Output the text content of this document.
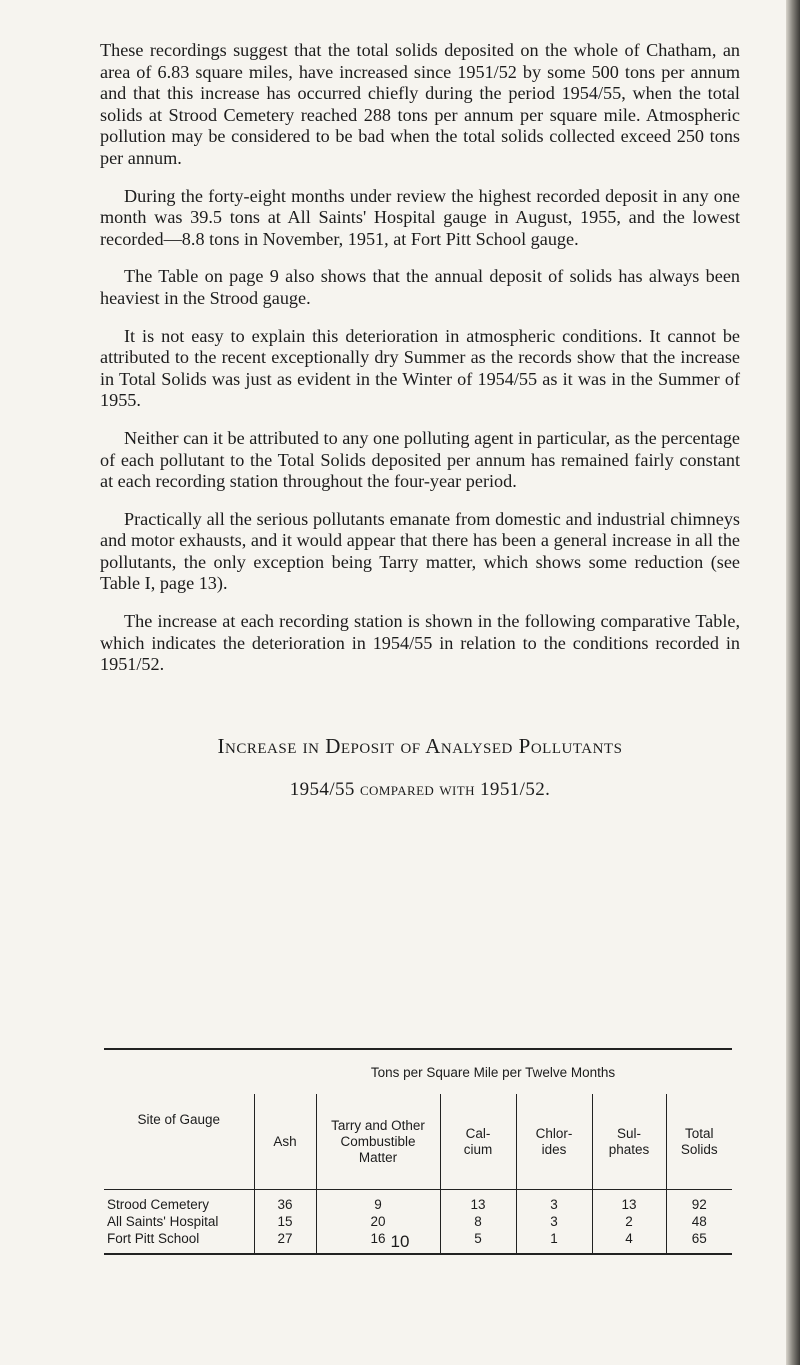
These recordings suggest that the total solids deposited on the whole of Chatham, an area of 6.83 square miles, have increased since 1951/52 by some 500 tons per annum and that this increase has occurred chiefly during the period 1954/55, when the total solids at Strood Cemetery reached 288 tons per annum per square mile. Atmospheric pollution may be considered to be bad when the total solids collected exceed 250 tons per annum.

During the forty-eight months under review the highest recorded deposit in any one month was 39.5 tons at All Saints' Hospital gauge in August, 1955, and the lowest recorded—8.8 tons in November, 1951, at Fort Pitt School gauge.

The Table on page 9 also shows that the annual deposit of solids has always been heaviest in the Strood gauge.

It is not easy to explain this deterioration in atmospheric conditions. It cannot be attributed to the recent exceptionally dry Summer as the records show that the increase in Total Solids was just as evident in the Winter of 1954/55 as it was in the Summer of 1955.

Neither can it be attributed to any one polluting agent in particular, as the percentage of each pollutant to the Total Solids deposited per annum has remained fairly constant at each recording station throughout the four-year period.

Practically all the serious pollutants emanate from domestic and industrial chimneys and motor exhausts, and it would appear that there has been a general increase in all the pollutants, the only exception being Tarry matter, which shows some reduction (see Table I, page 13).

The increase at each recording station is shown in the following comparative Table, which indicates the deterioration in 1954/55 in relation to the conditions recorded in 1951/52.

Increase in Deposit of Analysed Pollutants
1954/55 compared with 1951/52.
Site of Gauge	Tons per Square Mile per Twelve Months					
	Ash	Tarry and Other Combustible Matter	Cal- cium	Chlor- ides	Sul- phates	Total Solids
Strood Cemetery	36	9	13	3	13	92
All Saints' Hospital	15	20	8	3	2	48
Fort Pitt School	27	16	5	1	4	65
10
